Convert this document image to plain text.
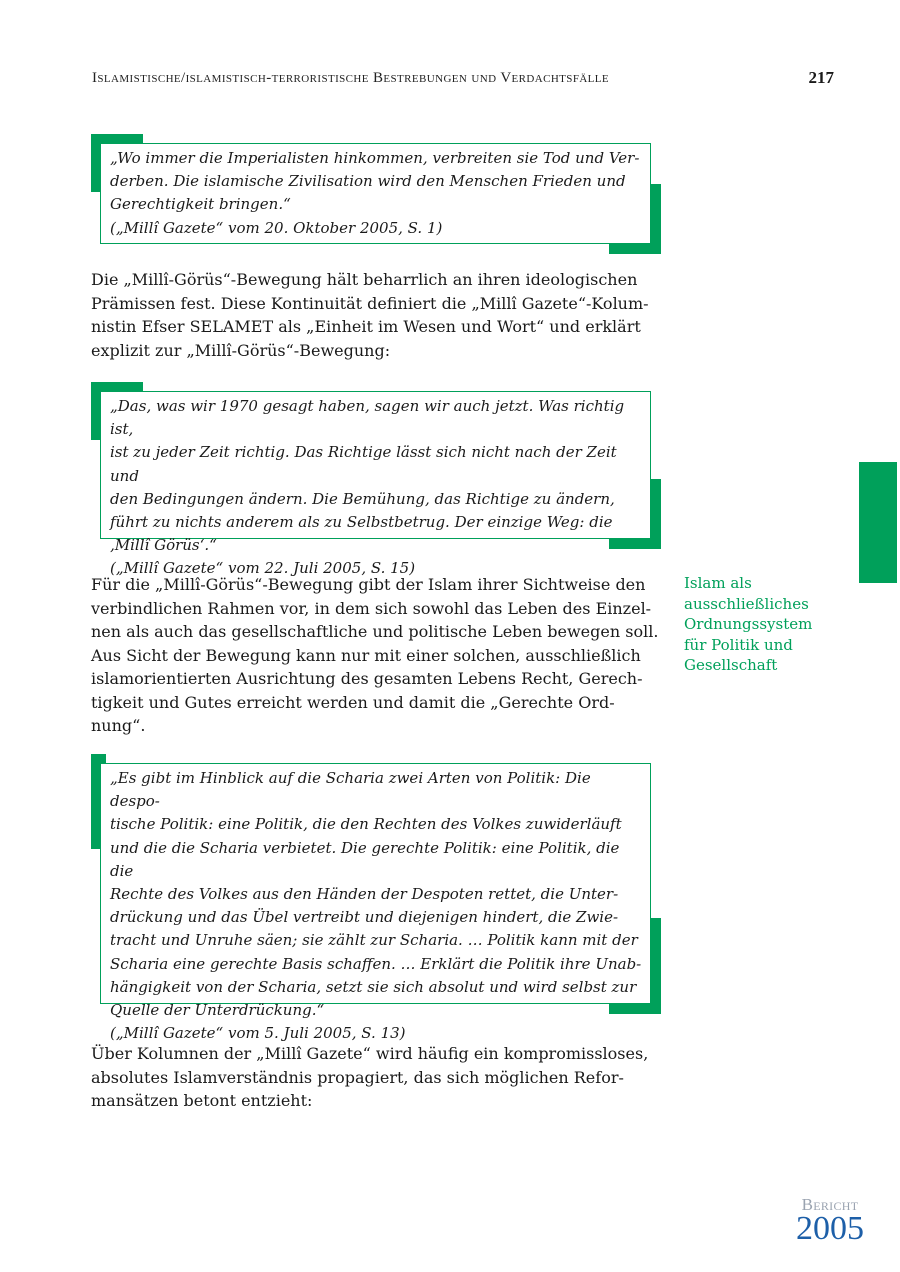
Islamistische/islamistisch-terroristische Bestrebungen und Verdachtsfälle	217

„Wo immer die Imperialisten hinkommen, verbreiten sie Tod und Ver-

derben. Die islamische Zivilisation wird den Menschen Frieden und

Gerechtigkeit bringen.“

(„Millî Gazete“ vom 20. Oktober 2005, S. 1)

Die „Millî-Görüs“-Bewegung hält beharrlich an ihren ideologischen
Prämissen fest. Diese Kontinuität definiert die „Millî Gazete“-Kolum-
nistin Efser SELAMET als „Einheit im Wesen und Wort“ und erklärt
explizit zur „Millî-Görüs“-Bewegung:

„Das, was wir 1970 gesagt haben, sagen wir auch jetzt. Was richtig ist,

ist zu jeder Zeit richtig. Das Richtige lässt sich nicht nach der Zeit und

den Bedingungen ändern. Die Bemühung, das Richtige zu ändern,

führt zu nichts anderem als zu Selbstbetrug. Der einzige Weg: die

‚Millî Görüs‘.“

(„Millî Gazete“ vom 22. Juli 2005, S. 15)

Für die „Millî-Görüs“-Bewegung gibt der Islam ihrer Sichtweise den
verbindlichen Rahmen vor, in dem sich sowohl das Leben des Einzel-
nen als auch das gesellschaftliche und politische Leben bewegen soll.
Aus Sicht der Bewegung kann nur mit einer solchen, ausschließlich
islamorientierten Ausrichtung des gesamten Lebens Recht, Gerech-
tigkeit und Gutes erreicht werden und damit die „Gerechte Ord-
nung“.
Islam als
ausschließliches
Ordnungssystem
für Politik und
Gesellschaft

„Es gibt im Hinblick auf die Scharia zwei Arten von Politik: Die despo-

tische Politik: eine Politik, die den Rechten des Volkes zuwiderläuft

und die die Scharia verbietet. Die gerechte Politik: eine Politik, die die

Rechte des Volkes aus den Händen der Despoten rettet, die Unter-

drückung und das Übel vertreibt und diejenigen hindert, die Zwie-

tracht und Unruhe säen; sie zählt zur Scharia. … Politik kann mit der

Scharia eine gerechte Basis schaffen. … Erklärt die Politik ihre Unab-

hängigkeit von der Scharia, setzt sie sich absolut und wird selbst zur

Quelle der Unterdrückung.“

(„Millî Gazete“ vom 5. Juli 2005, S. 13)

Über Kolumnen der „Millî Gazete“ wird häufig ein kompromissloses,
absolutes Islamverständnis propagiert, das sich möglichen Refor-
mansätzen betont entzieht:
Bericht
2005
